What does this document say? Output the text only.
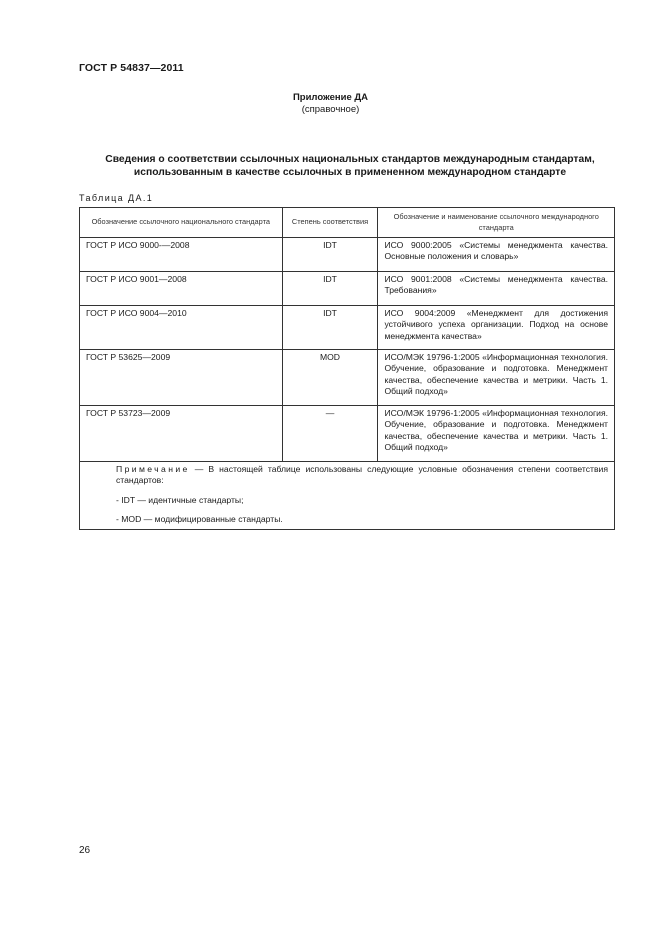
ГОСТ Р 54837—2011
Приложение ДА
(справочное)
Сведения о соответствии ссылочных национальных стандартов международным стандартам,
использованным в качестве ссылочных в примененном международном стандарте
Таблица ДА.1
Обозначение ссылочного национального стандарта	Степень соответствия	Обозначение и наименование ссылочного международного стандарта
ГОСТ Р ИСО 9000-—2008	IDT	ИСО 9000:2005 «Системы менеджмента качества. Основные положения и словарь»
ГОСТ Р ИСО 9001—2008	IDT	ИСО 9001:2008 «Системы менеджмента качества. Требования»
ГОСТ Р ИСО 9004—2010	IDT	ИСО 9004:2009 «Менеджмент для достижения устойчивого успеха организации. Подход на основе менеджмента качества»
ГОСТ Р 53625—2009	MOD	ИСО/МЭК 19796-1:2005 «Информационная технология. Обучение, образование и подготовка. Менеджмент качества, обеспечение качества и метрики. Часть 1. Общий подход»
ГОСТ Р 53723—2009	—	ИСО/МЭК 19796-1:2005 «Информационная технология. Обучение, образование и подготовка. Менеджмент качества, обеспечение качества и метрики. Часть 1. Общий подход»

Примечание — В настоящей таблице использованы следующие условные обозначения степени соответствия стандартов:

- IDT — идентичные стандарты;

- MOD — модифицированные стандарты.		

26
